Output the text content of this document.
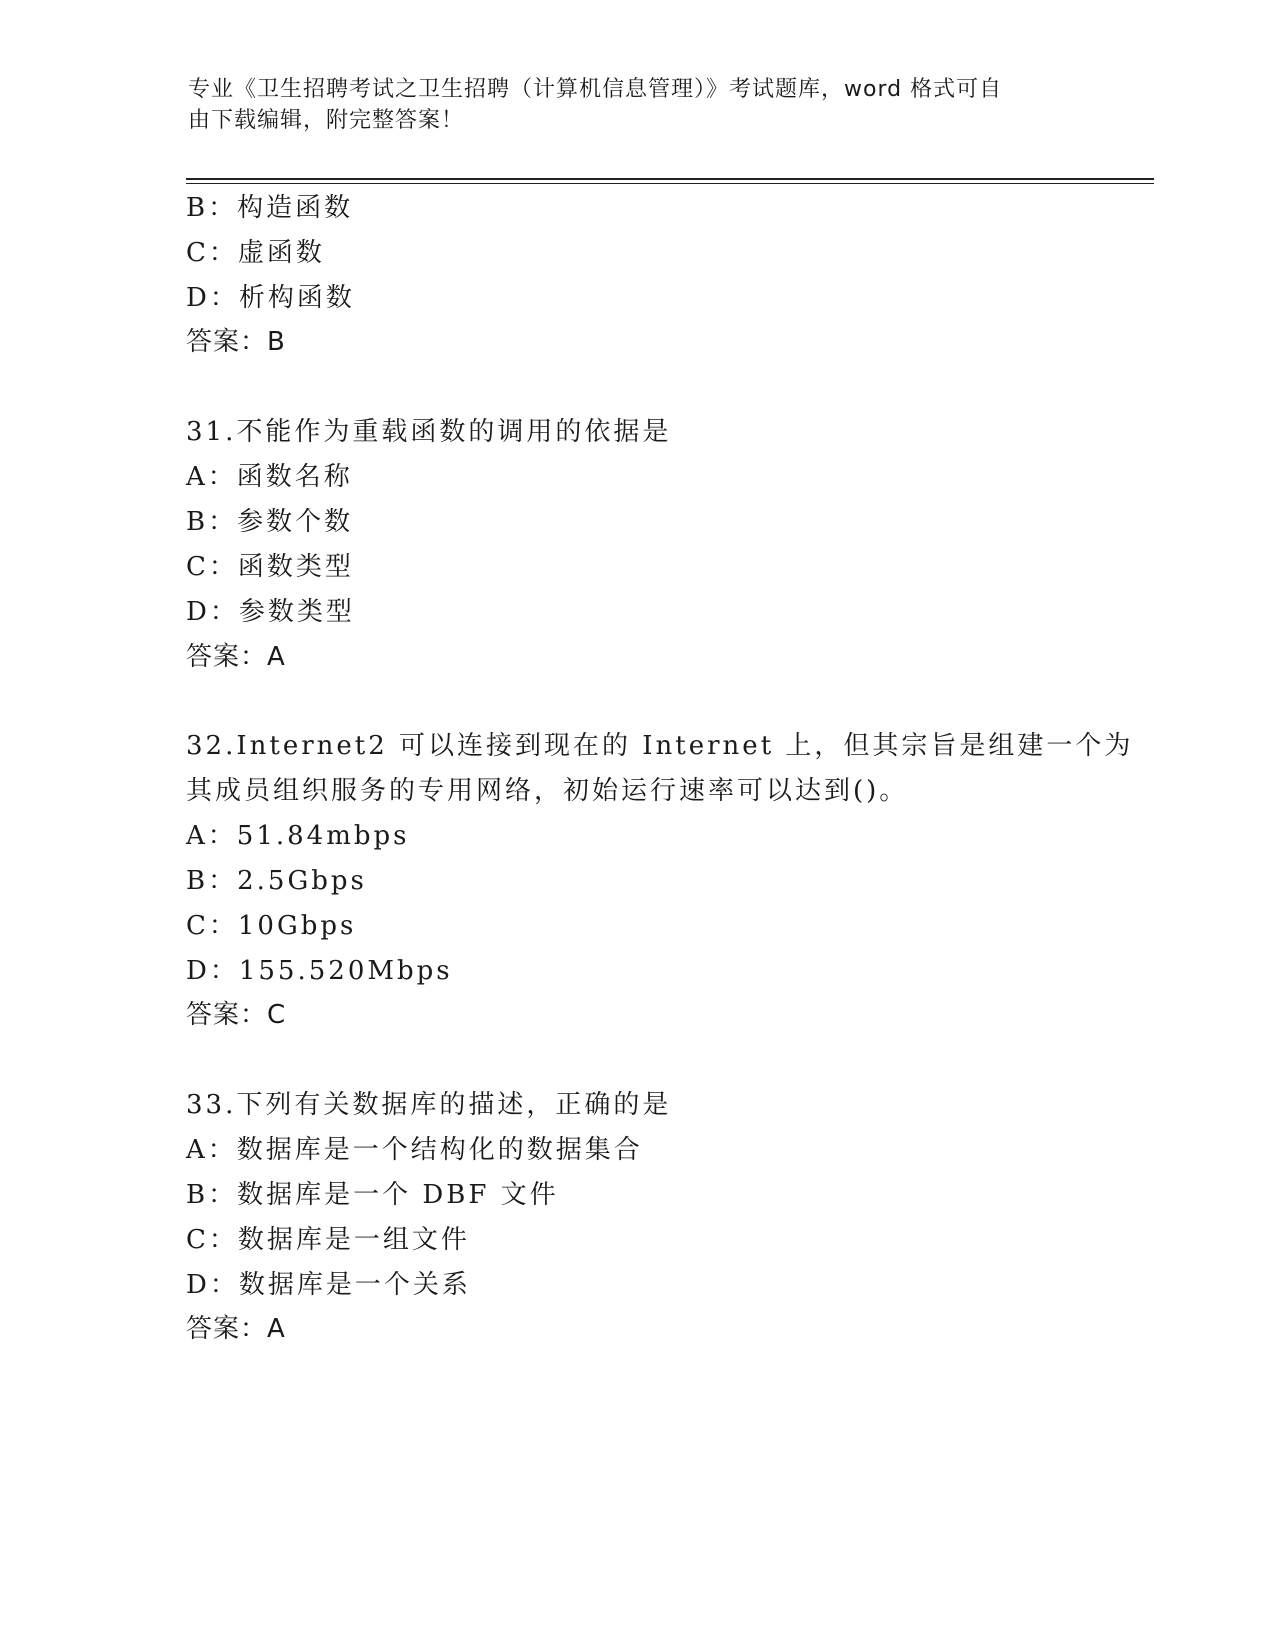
专业《卫生招聘考试之卫生招聘（计算机信息管理）》考试题库，word 格式可自
由下载编辑，附完整答案！
B：构造函数
C：虚函数
D：析构函数
答案：B
31.不能作为重载函数的调用的依据是
A：函数名称
B：参数个数
C：函数类型
D：参数类型
答案：A
32.Internet2 可以连接到现在的 Internet 上，但其宗旨是组建一个为
其成员组织服务的专用网络，初始运行速率可以达到()。
A：51.84mbps
B：2.5Gbps
C：10Gbps
D：155.520Mbps
答案：C
33.下列有关数据库的描述，正确的是
A：数据库是一个结构化的数据集合
B：数据库是一个 DBF 文件
C：数据库是一组文件
D：数据库是一个关系
答案：A
